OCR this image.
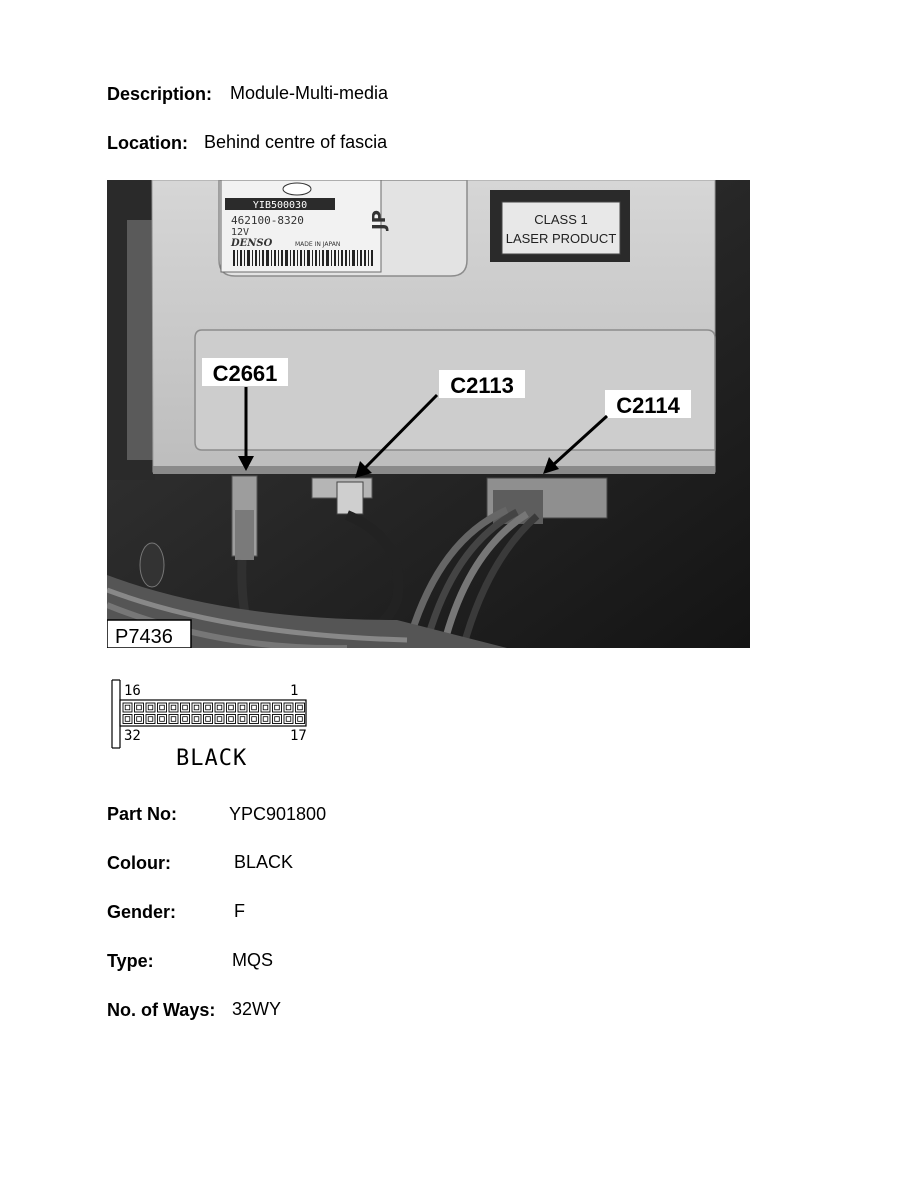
Description: Module-Multi-media
Location: Behind centre of fascia
YIB500030
462100-8320
12V
DENSO	MADE IN JAPAN
JP	CLASS 1
LASER PRODUCT
C2661	C2113
C2114
P7436
16	1
32	17
BLACK
Part No:	YPC901800
Colour:	BLACK
Gender:	F
Type:	MQS
No. of Ways: 32WY
